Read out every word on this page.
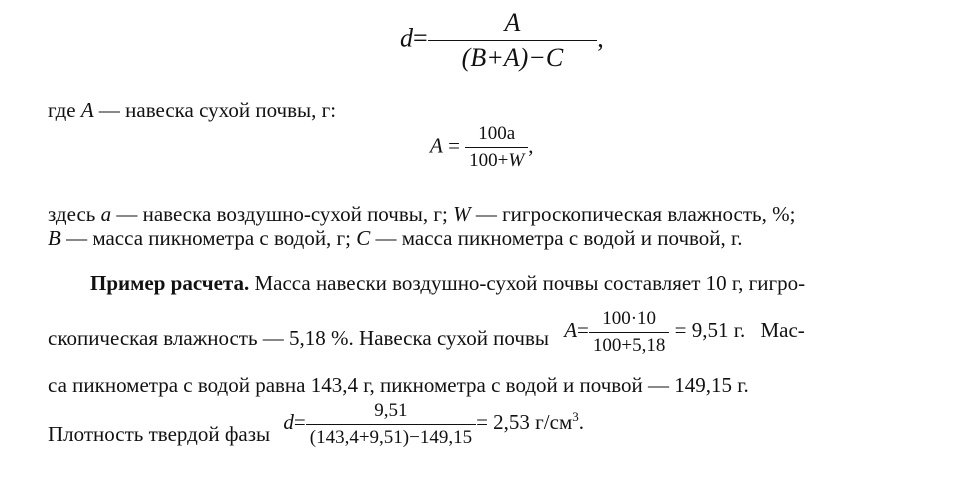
$d= \frac{A}{(B+A)-C}$ ,
где A — навеска сухой почвы, г:
$A = \frac{100a}{100+W}$ ,
здесь a — навеска воздушно-сухой почвы, г; W — гигроскопическая влажность, %;
B — масса пикнометра с водой, г; C — масса пикнометра с водой и почвой, г.
Пример расчета. Масса навески воздушно-сухой почвы составляет 10 г, гигро-
скопическая влажность — 5,18 %. Навеска сухой почвы $A= \frac{100\cdot 10}{100+5,18} = 9,51$ г. Мас-
са пикнометра с водой равна 143,4 г, пикнометра с водой и почвой — 149,15 г.
Плотность твердой фазы $d= \frac{9,51}{(143,4+9,51)-149,15} = 2,53$ $г/см^3$.
